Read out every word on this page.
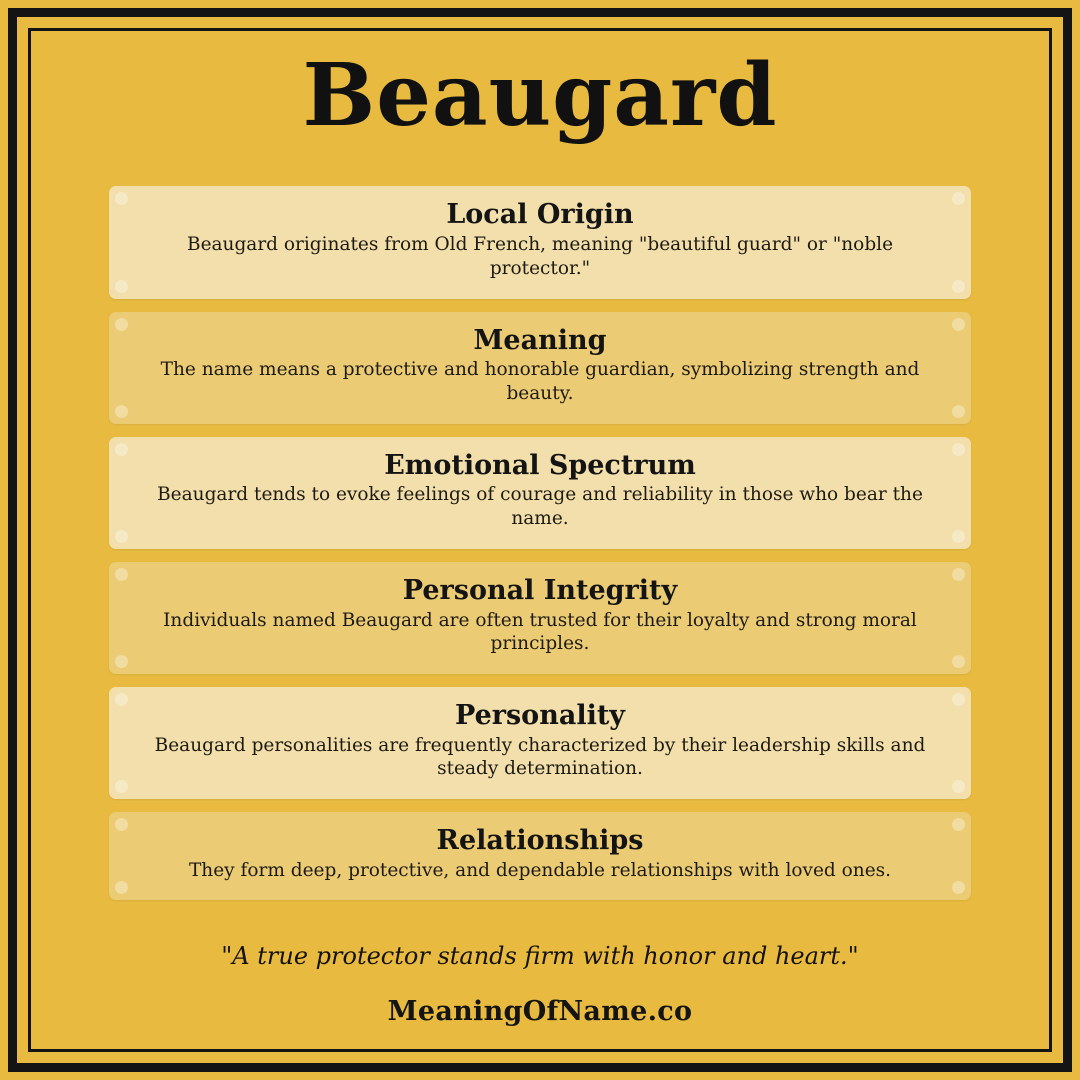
Beaugard
Local Origin
Beaugard originates from Old French, meaning "beautiful guard" or "noble protector."
Meaning
The name means a protective and honorable guardian, symbolizing strength and beauty.
Emotional Spectrum
Beaugard tends to evoke feelings of courage and reliability in those who bear the name.
Personal Integrity
Individuals named Beaugard are often trusted for their loyalty and strong moral principles.
Personality
Beaugard personalities are frequently characterized by their leadership skills and steady determination.
Relationships
They form deep, protective, and dependable relationships with loved ones.
"A true protector stands firm with honor and heart."
MeaningOfName.co
